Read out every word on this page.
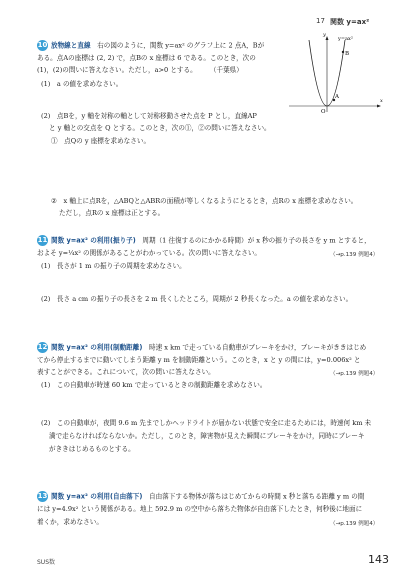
17 関数 y=ax²
10 放物線と直線　 右の図のように，関数 y=ax² のグラフ上に 2 点A，Bが
ある。点Aの座標は (2, 2) で，点Bの x 座標は 6 である。このとき，次の
(1)，(2)の問いに答えなさい。ただし，a>0 とする。　　　（千葉県）
(1)　a の値を求めなさい。
(2)　点Bを，y 軸を対称の軸として対称移動させた点を P とし，直線AP
と y 軸との交点を Q とする。このとき，次の①，②の問いに答えなさい。
①　点Qの y 座標を求めなさい。
②　x 軸上に点Rを，△ABQと△ABRの面積が等しくなるようにとるとき，点Rの x 座標を求めなさい。
ただし，点Rの x 座標は正とする。
y
x
O
y=ax²
A
B
11 関数 y=ax² の利用(振り子)　 周期（1 往復するのにかかる時間）が x 秒の振り子の長さを y m とすると，
およそ y=¼x² の関係があることがわかっている。次の問いに答えなさい。	（→p.139 例題4）
(1)　長さが 1 m の振り子の周期を求めなさい。
(2)　長さ a cm の振り子の長さを 2 m 長くしたところ，周期が 2 秒長くなった。a の値を求めなさい。
12 関数 y=ax² の利用(制動距離)　 時速 x km で走っている自動車がブレーキをかけ，ブレーキがききはじめ
てから停止するまでに動いてしまう距離 y m を制動距離という。このとき，x と y の間には，y=0.006x² と
表すことができる。これについて，次の問いに答えなさい。	（→p.139 例題4）
(1)　この自動車が時速 60 km で走っているときの制動距離を求めなさい。
(2)　この自動車が，夜間 9.6 m 先までしかヘッドライトが届かない状態で安全に走るためには，時速何 km 未
満で走らなければならないか。ただし，このとき，障害物が見えた瞬間にブレーキをかけ，同時にブレーキ
がききはじめるものとする。
13 関数 y=ax² の利用(自由落下)　 自由落下する物体が落ちはじめてからの時間 x 秒と落ちる距離 y m の間
には y=4.9x² という関係がある。地上 592.9 m の空中から落ちた物体が自由落下したとき，何秒後に地面に
着くか，求めなさい。	（→p.139 例題4）
SUS数	143
